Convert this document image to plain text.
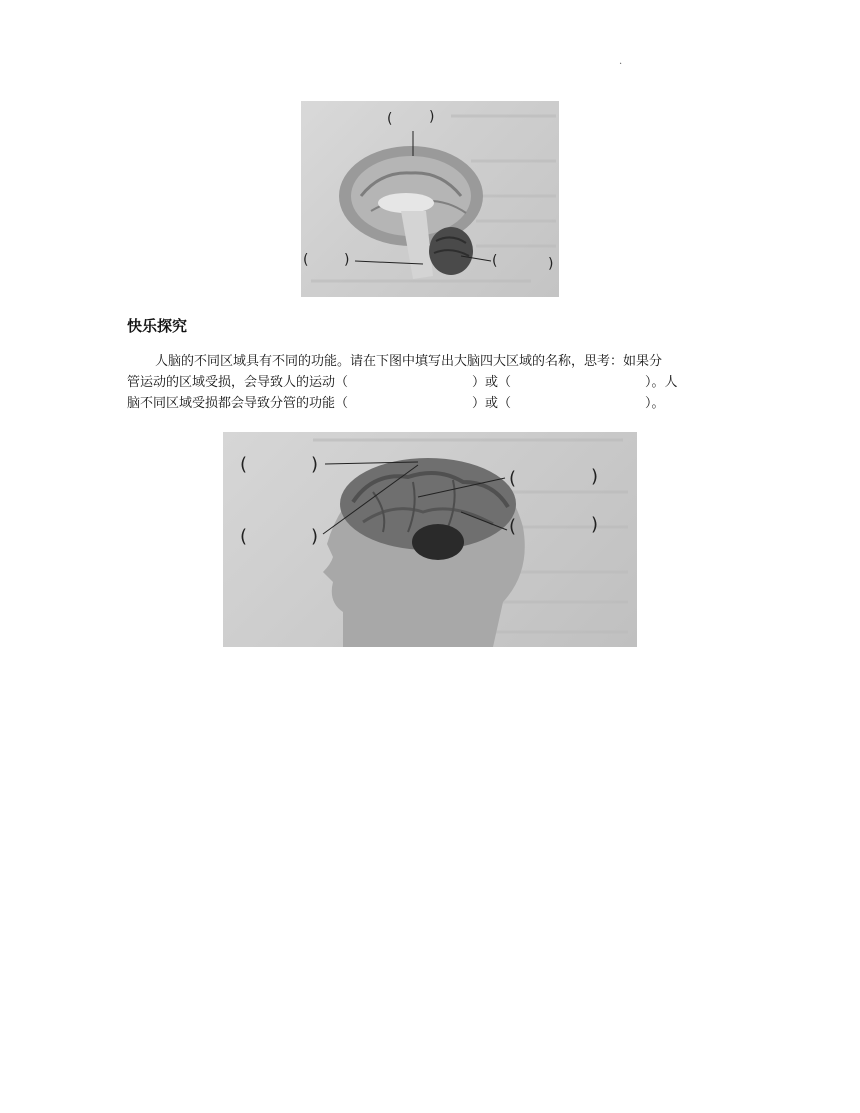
.
(	)
(	)	(	)
快乐探究
人脑的不同区域具有不同的功能。请在下图中填写出大脑四大区域的名称，思考：如果分
管运动的区域受损，会导致人的运动（	）或（	）。人
脑不同区域受损都会导致分管的功能（	）或（	）。
(	)
(	)
(	)
(	)
